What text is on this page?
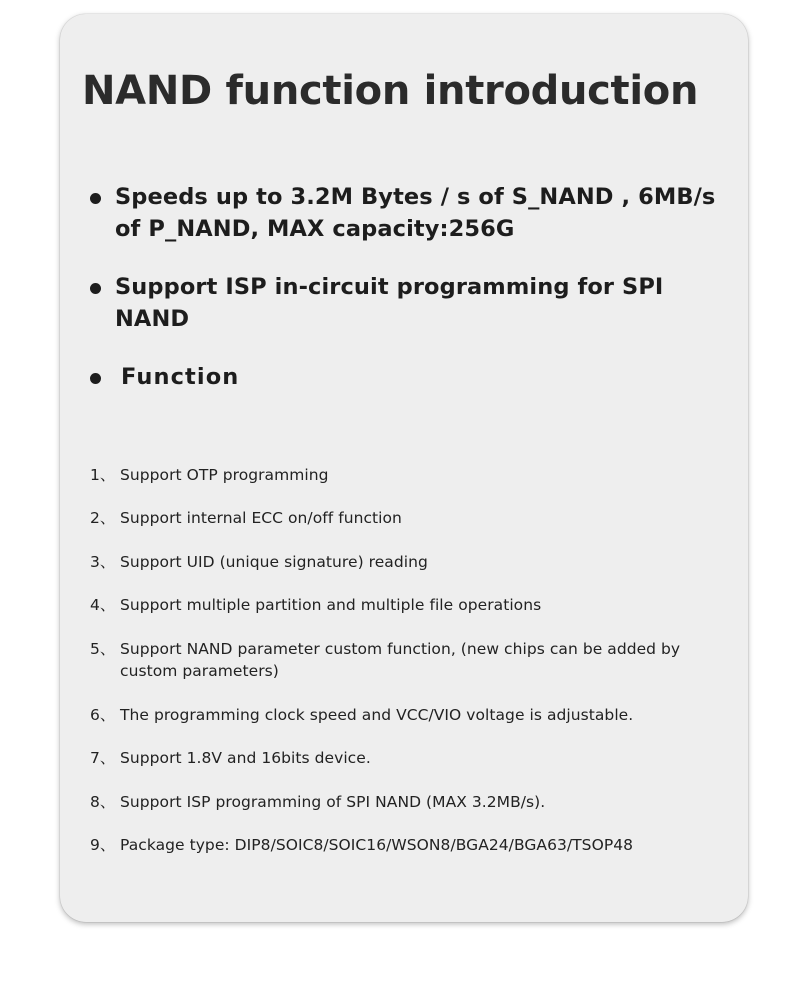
NAND function introduction
Speeds up to 3.2M Bytes / s of S_NAND , 6MB/s of P_NAND, MAX capacity:256G
Support ISP in-circuit programming for SPI NAND
Function
1、 Support OTP programming
2、 Support internal ECC on/off function
3、 Support UID (unique signature) reading
4、 Support multiple partition and multiple file operations
5、 Support NAND parameter custom function, (new chips can be added by custom parameters)
6、 The programming clock speed and VCC/VIO voltage is adjustable.
7、 Support 1.8V and 16bits device.
8、 Support ISP programming of SPI NAND (MAX 3.2MB/s).
9、 Package type: DIP8/SOIC8/SOIC16/WSON8/BGA24/BGA63/TSOP48
